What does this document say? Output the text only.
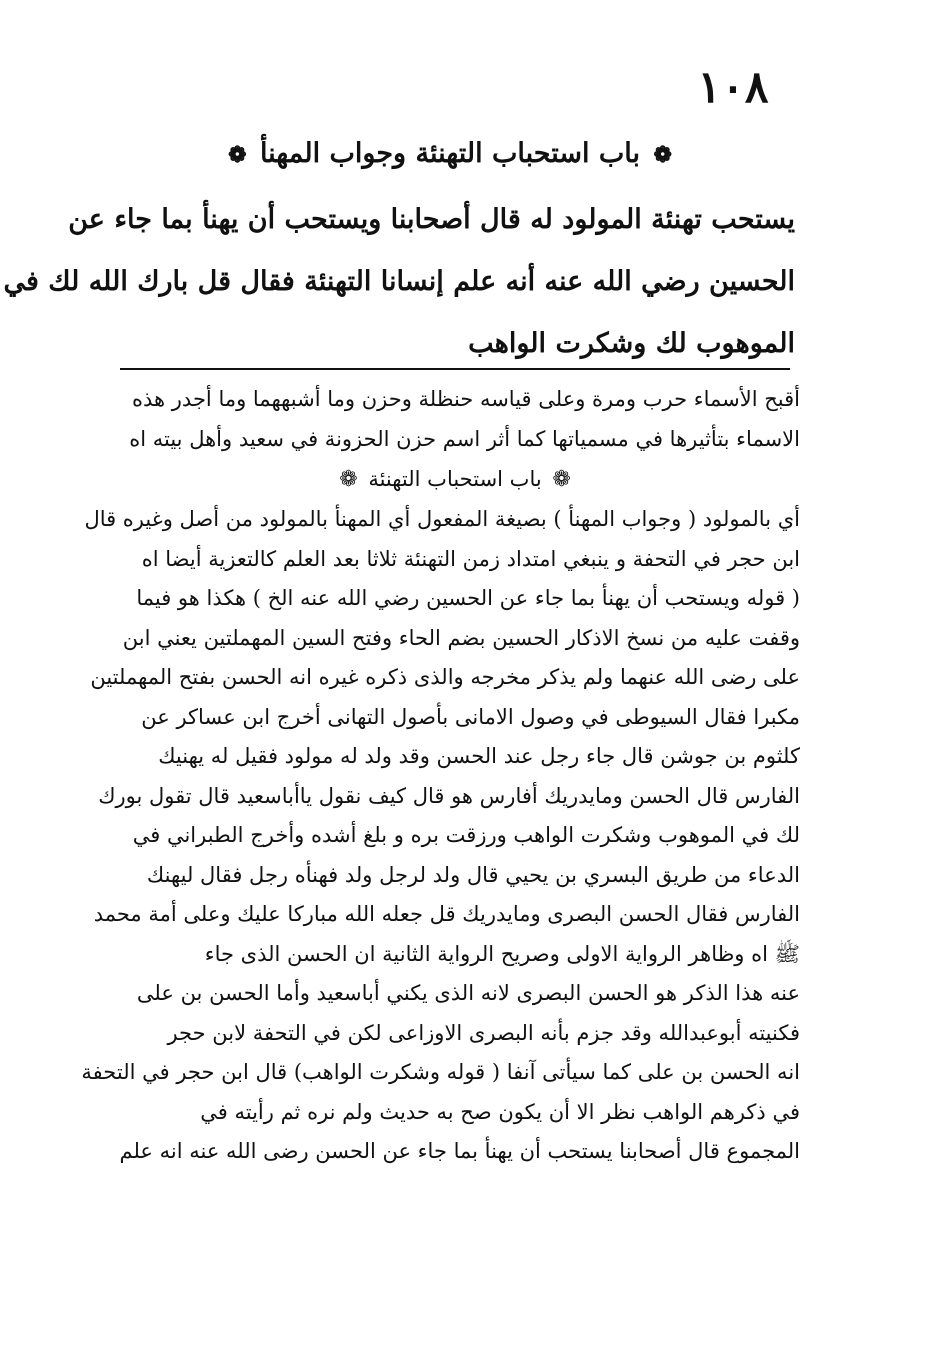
١٠٨
❁ باب استحباب التهنئة وجواب المهنأ ❁
يستحب تهنئة المولود له قال أصحابنا ويستحب أن يهنأ بما جاء عن
الحسين رضي الله عنه أنه علم إنسانا التهنئة فقال قل بارك الله لك في
الموهوب لك وشكرت الواهب
أقبح الأسماء حرب ومرة وعلى قياسه حنظلة وحزن وما أشبههما وما أجدر هذه
الاسماء بتأثيرها في مسمياتها كما أثر اسم حزن الحزونة في سعيد وأهل بيته اه
❁ باب استحباب التهنئة ❁
أي بالمولود ( وجواب المهنأ ) بصيغة المفعول أي المهنأ بالمولود من أصل وغيره قال
ابن حجر في التحفة و ينبغي امتداد زمن التهنئة ثلاثا بعد العلم كالتعزية أيضا اه
( قوله ويستحب أن يهنأ بما جاء عن الحسين رضي الله عنه الخ ) هكذا هو فيما
وقفت عليه من نسخ الاذكار الحسين بضم الحاء وفتح السين المهملتين يعني ابن
على رضى الله عنهما ولم يذكر مخرجه والذى ذكره غيره انه الحسن بفتح المهملتين
مكبرا فقال السيوطى في وصول الامانى بأصول التهانى أخرج ابن عساكر عن
كلثوم بن جوشن قال جاء رجل عند الحسن وقد ولد له مولود فقيل له يهنيك
الفارس قال الحسن ومايدريك أفارس هو قال كيف نقول ياأباسعيد قال تقول بورك
لك في الموهوب وشكرت الواهب ورزقت بره و بلغ أشده وأخرج الطبراني في
الدعاء من طريق البسري بن يحيي قال ولد لرجل ولد فهنأه رجل فقال ليهنك
الفارس فقال الحسن البصرى ومايدريك قل جعله الله مباركا عليك وعلى أمة محمد
ﷺ اه وظاهر الرواية الاولى وصريح الرواية الثانية ان الحسن الذى جاء
عنه هذا الذكر هو الحسن البصرى لانه الذى يكني أباسعيد وأما الحسن بن على
فكنيته أبوعبدالله وقد جزم بأنه البصرى الاوزاعى لكن في التحفة لابن حجر
انه الحسن بن على كما سيأتى آنفا ( قوله وشكرت الواهب) قال ابن حجر في التحفة
في ذكرهم الواهب نظر الا أن يكون صح به حديث ولم نره ثم رأيته في
المجموع قال أصحابنا يستحب أن يهنأ بما جاء عن الحسن رضى الله عنه انه علم
